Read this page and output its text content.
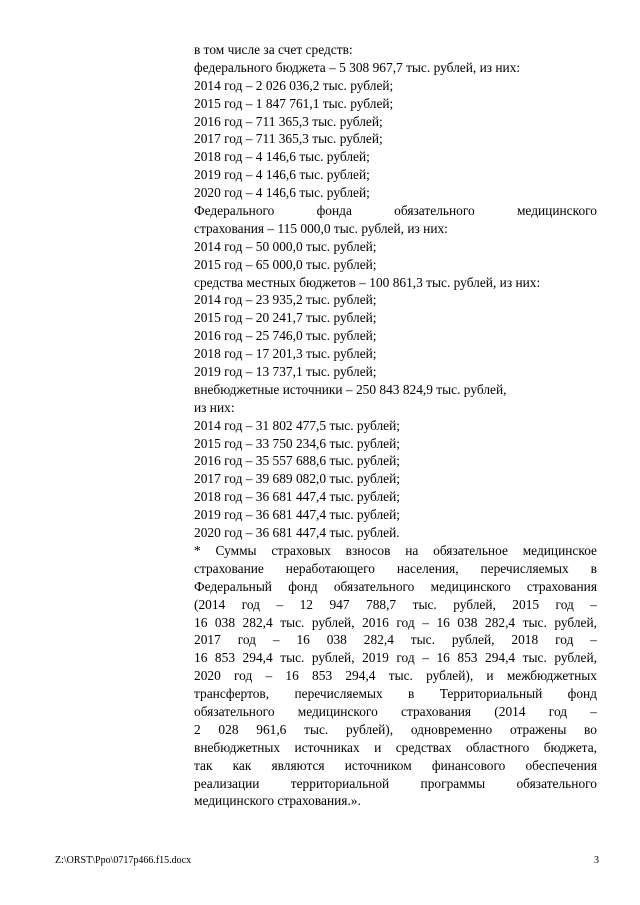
в том числе за счет средств:
федерального бюджета – 5 308 967,7 тыс. рублей, из них:
2014 год – 2 026 036,2 тыс. рублей;
2015 год – 1 847 761,1 тыс. рублей;
2016 год – 711 365,3 тыс. рублей;
2017 год – 711 365,3 тыс. рублей;
2018 год – 4 146,6 тыс. рублей;
2019 год – 4 146,6 тыс. рублей;
2020 год – 4 146,6 тыс. рублей;
Федерального фонда обязательного медицинского
страхования – 115 000,0 тыс. рублей, из них:
2014 год – 50 000,0 тыс. рублей;
2015 год – 65 000,0 тыс. рублей;
средства местных бюджетов – 100 861,3 тыс. рублей, из них:
2014 год – 23 935,2 тыс. рублей;
2015 год – 20 241,7 тыс. рублей;
2016 год – 25 746,0 тыс. рублей;
2018 год – 17 201,3 тыс. рублей;
2019 год – 13 737,1 тыс. рублей;
внебюджетные источники – 250 843 824,9 тыс. рублей,
из них:
2014 год – 31 802 477,5 тыс. рублей;
2015 год – 33 750 234,6 тыс. рублей;
2016 год – 35 557 688,6 тыс. рублей;
2017 год – 39 689 082,0 тыс. рублей;
2018 год – 36 681 447,4 тыс. рублей;
2019 год – 36 681 447,4 тыс. рублей;
2020 год – 36 681 447,4 тыс. рублей.
* Суммы страховых взносов на обязательное медицинское
страхование неработающего населения, перечисляемых в
Федеральный фонд обязательного медицинского страхования
(2014 год – 12 947 788,7 тыс. рублей, 2015 год –
16 038 282,4 тыс. рублей, 2016 год – 16 038 282,4 тыс. рублей,
2017 год – 16 038 282,4 тыс. рублей, 2018 год –
16 853 294,4 тыс. рублей, 2019 год – 16 853 294,4 тыс. рублей,
2020 год – 16 853 294,4 тыс. рублей), и межбюджетных
трансфертов, перечисляемых в Территориальный фонд
обязательного медицинского страхования (2014 год –
2 028 961,6 тыс. рублей), одновременно отражены во
внебюджетных источниках и средствах областного бюджета,
так как являются источником финансового обеспечения
реализации территориальной программы обязательного
медицинского страхования.».
Z:\ORST\Ppo\0717p466.f15.docx	3
